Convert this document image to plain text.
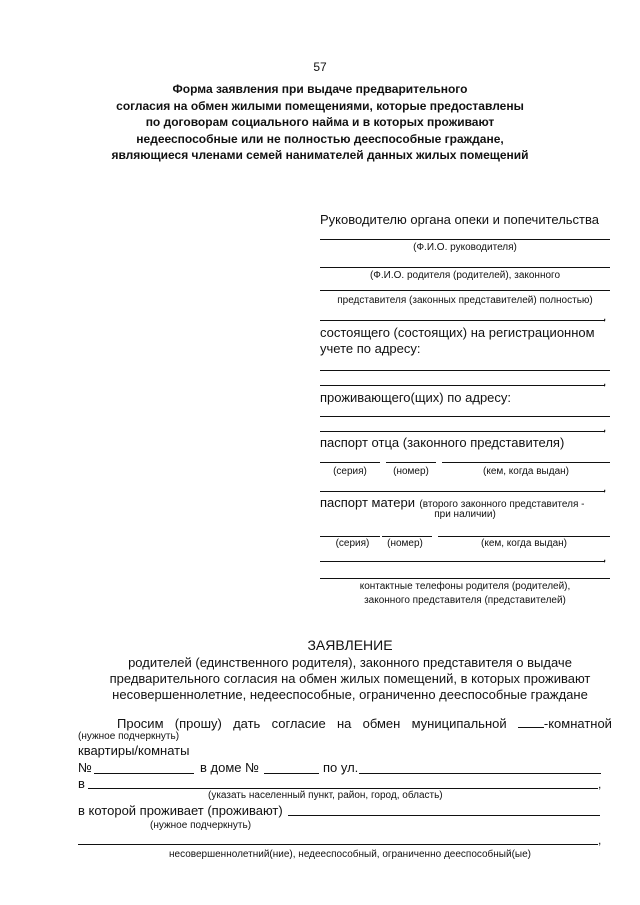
57
Форма заявления при выдаче предварительного
согласия на обмен жилыми помещениями, которые предоставлены
по договорам социального найма и в которых проживают
недееспособные или не полностью дееспособные граждане,
являющиеся членами семей нанимателей данных жилых помещений
Руководителю органа опеки и попечительства
(Ф.И.О. руководителя)
(Ф.И.О. родителя (родителей), законного
представителя (законных представителей) полностью)
,
состоящего (состоящих) на регистрационном
учете по адресу:
,
проживающего(щих) по адресу:
,
паспорт отца (законного представителя)
(серия)	(номер)	(кем, когда выдан)
,
паспорт матери (второго законного представителя -
при наличии)
(серия)	(номер)	(кем, когда выдан)
,
контактные телефоны родителя (родителей),
законного представителя (представителей)
ЗАЯВЛЕНИЕ
родителей (единственного родителя), законного представителя о выдаче
предварительного согласия на обмен жилых помещений, в которых проживают
несовершеннолетние, недееспособные, ограниченно дееспособные граждане
Просим (прошу) дать согласие на обмен муниципальной	-комнатной
(нужное подчеркнуть)
квартиры/комнаты
№	в доме №	по ул.
в	,
(указать населенный пункт, район, город, область)
в которой проживает (проживают)
(нужное подчеркнуть)
,
несовершеннолетний(ние), недееспособный, ограниченно дееспособный(ые)
